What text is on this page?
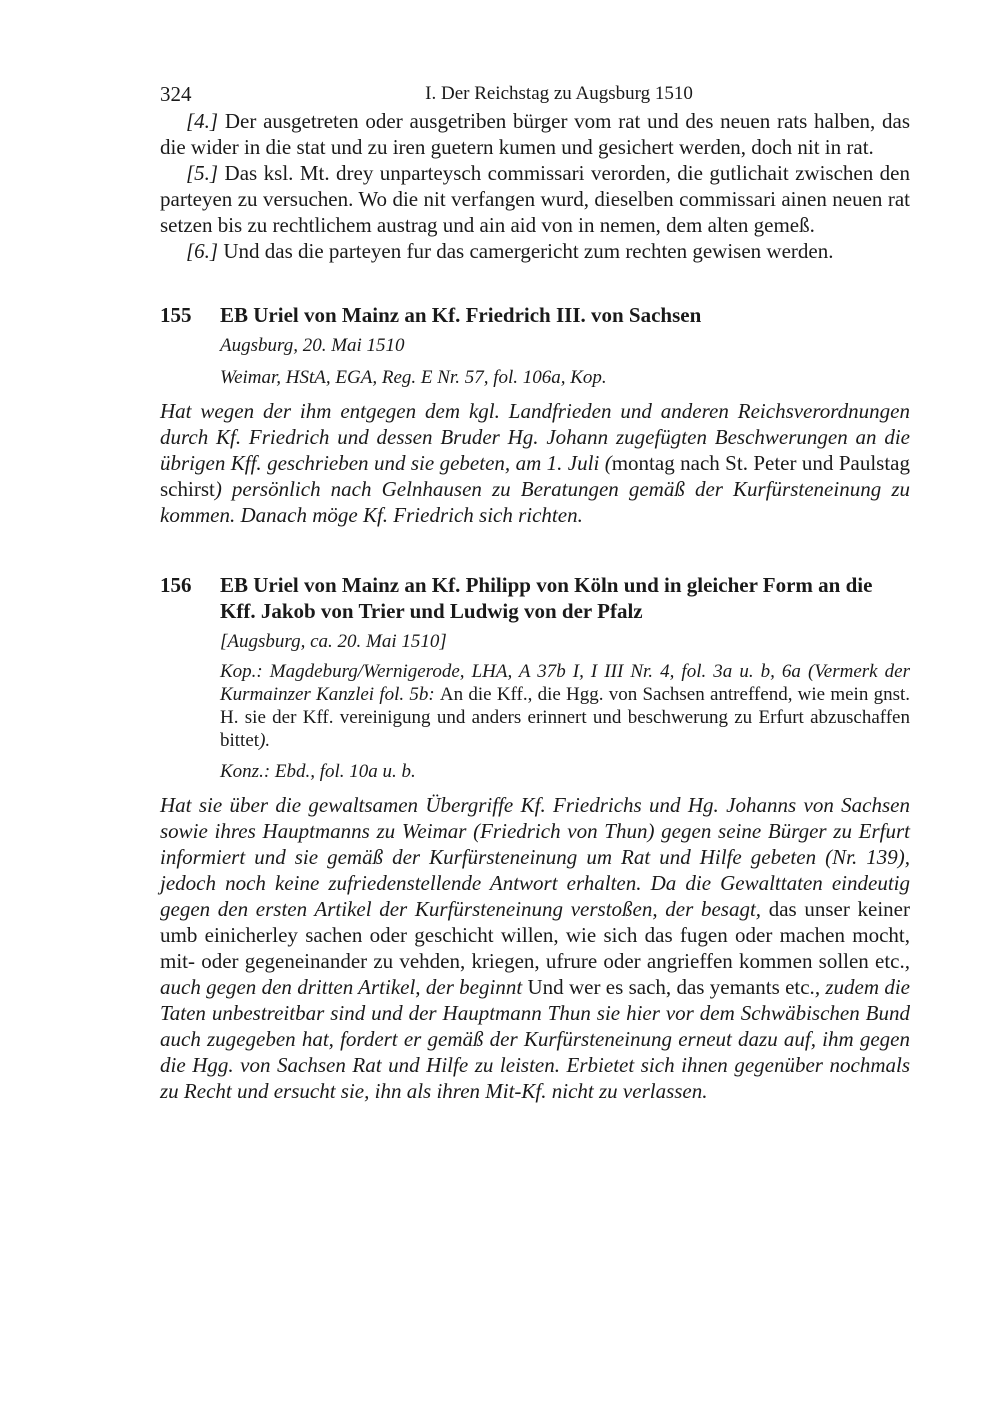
324	I. Der Reichstag zu Augsburg 1510

[4.] Der ausgetreten oder ausgetriben bürger vom rat und des neuen rats halben, das die wider in die stat und zu iren guetern kumen und gesichert werden, doch nit in rat.

[5.] Das ksl. Mt. drey unparteysch commissari verorden, die gutlichait zwischen den parteyen zu versuchen. Wo die nit verfangen wurd, dieselben commissari ainen neuen rat setzen bis zu rechtlichem austrag und ain aid von in nemen, dem alten gemeß.

[6.] Und das die parteyen fur das camergericht zum rechten gewisen werden.

155 EB Uriel von Mainz an Kf. Friedrich III. von Sachsen
Augsburg, 20. Mai 1510
Weimar, HStA, EGA, Reg. E Nr. 57, fol. 106a, Kop.
Hat wegen der ihm entgegen dem kgl. Landfrieden und anderen Reichsverordnungen durch Kf. Friedrich und dessen Bruder Hg. Johann zugefügten Beschwerungen an die übrigen Kff. geschrieben und sie gebeten, am 1. Juli (montag nach St. Peter und Paulstag schirst) persönlich nach Gelnhausen zu Beratungen gemäß der Kurfürsteneinung zu kommen. Danach möge Kf. Friedrich sich richten.
156 EB Uriel von Mainz an Kf. Philipp von Köln und in gleicher Form an die Kff. Jakob von Trier und Ludwig von der Pfalz
[Augsburg, ca. 20. Mai 1510]
Kop.: Magdeburg/Wernigerode, LHA, A 37b I, I III Nr. 4, fol. 3a u. b, 6a (Vermerk der Kurmainzer Kanzlei fol. 5b: An die Kff., die Hgg. von Sachsen antreffend, wie mein gnst. H. sie der Kff. vereinigung und anders erinnert und beschwerung zu Erfurt abzuschaffen bittet).
Konz.: Ebd., fol. 10a u. b.
Hat sie über die gewaltsamen Übergriffe Kf. Friedrichs und Hg. Johanns von Sachsen sowie ihres Hauptmanns zu Weimar (Friedrich von Thun) gegen seine Bürger zu Erfurt informiert und sie gemäß der Kurfürsteneinung um Rat und Hilfe gebeten (Nr. 139), jedoch noch keine zufriedenstellende Antwort erhalten. Da die Gewalttaten eindeutig gegen den ersten Artikel der Kurfürsteneinung verstoßen, der besagt, das unser keiner umb einicherley sachen oder geschicht willen, wie sich das fugen oder machen mocht, mit- oder gegeneinander zu vehden, kriegen, ufrure oder angrieffen kommen sollen etc., auch gegen den dritten Artikel, der beginnt Und wer es sach, das yemants etc., zudem die Taten unbestreitbar sind und der Hauptmann Thun sie hier vor dem Schwäbischen Bund auch zugegeben hat, fordert er gemäß der Kurfürsteneinung erneut dazu auf, ihm gegen die Hgg. von Sachsen Rat und Hilfe zu leisten. Erbietet sich ihnen gegenüber nochmals zu Recht und ersucht sie, ihn als ihren Mit-Kf. nicht zu verlassen.
